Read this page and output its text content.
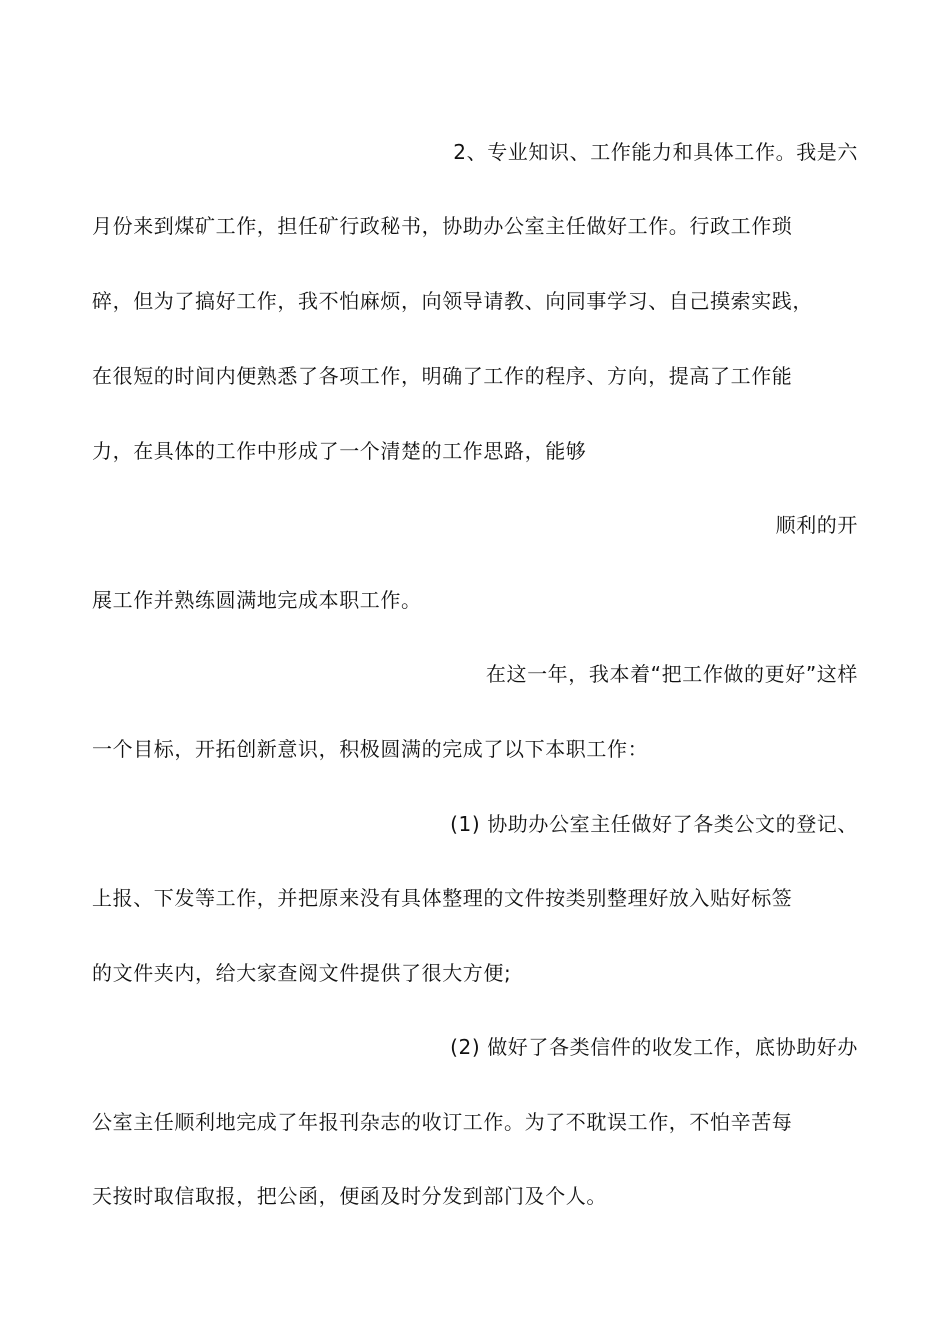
2、专业知识、工作能力和具体工作。我是六
月份来到煤矿工作，担任矿行政秘书，协助办公室主任做好工作。行政工作琐
碎，但为了搞好工作，我不怕麻烦，向领导请教、向同事学习、自己摸索实践，
在很短的时间内便熟悉了各项工作，明确了工作的程序、方向，提高了工作能
力，在具体的工作中形成了一个清楚的工作思路，能够
顺利的开
展工作并熟练圆满地完成本职工作。
在这一年，我本着“把工作做的更好”这样
一个目标，开拓创新意识，积极圆满的完成了以下本职工作：
(1) 协助办公室主任做好了各类公文的登记、
上报、下发等工作，并把原来没有具体整理的文件按类别整理好放入贴好标签
的文件夹内，给大家查阅文件提供了很大方便;
(2) 做好了各类信件的收发工作，底协助好办
公室主任顺利地完成了年报刊杂志的收订工作。为了不耽误工作，不怕辛苦每
天按时取信取报，把公函，便函及时分发到部门及个人。
